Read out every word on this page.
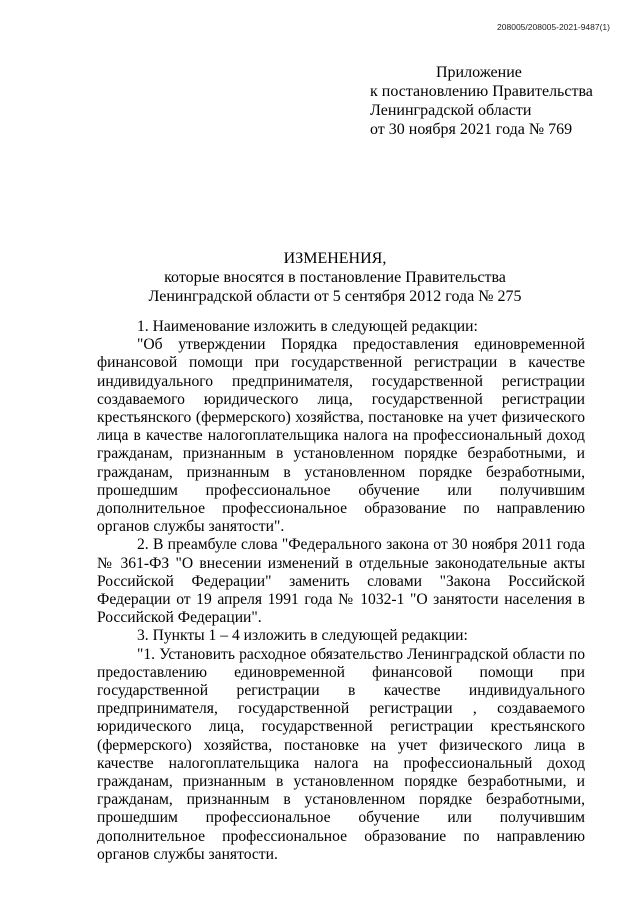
208005/208005-2021-9487(1)
Приложение
к постановлению Правительства
Ленинградской области
от 30 ноября 2021 года № 769
ИЗМЕНЕНИЯ,
которые вносятся в постановление Правительства
Ленинградской области от 5 сентября 2012 года № 275

1. Наименование изложить в следующей редакции:

"Об утверждении Порядка предоставления единовременной финансовой помощи при государственной регистрации в качестве индивидуального предпринимателя, государственной регистрации создаваемого юридического лица, государственной регистрации крестьянского (фермерского) хозяйства, постановке на учет физического лица в качестве налогоплательщика налога на профессиональный доход гражданам, признанным в установленном порядке безработными, и гражданам, признанным в установленном порядке безработными, прошедшим профессиональное обучение или получившим дополнительное профессиональное образование по направлению органов службы занятости".

2. В преамбуле слова "Федерального закона от 30 ноября 2011 года № 361-ФЗ "О внесении изменений в отдельные законодательные акты Российской Федерации" заменить словами "Закона Российской Федерации от 19 апреля 1991 года № 1032-1 "О занятости населения в Российской Федерации".

3. Пункты 1 – 4 изложить в следующей редакции:

"1. Установить расходное обязательство Ленинградской области по предоставлению единовременной финансовой помощи при государственной регистрации в качестве индивидуального предпринимателя, государственной регистрации , создаваемого юридического лица, государственной регистрации крестьянского (фермерского) хозяйства, постановке на учет физического лица в качестве налогоплательщика налога на профессиональный доход гражданам, признанным в установленном порядке безработными, и гражданам, признанным в установленном порядке безработными, прошедшим профессиональное обучение или получившим дополнительное профессиональное образование по направлению органов службы занятости.
